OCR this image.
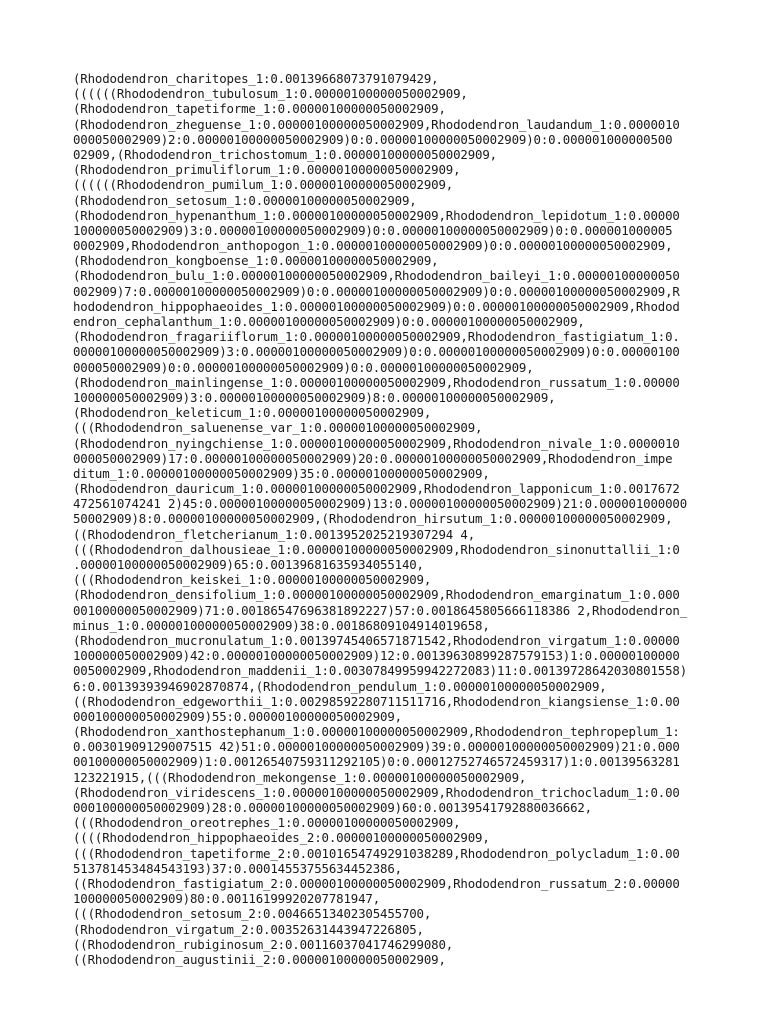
(Rhododendron_charitopes_1:0.00139668073791079429,
((((((Rhododendron_tubulosum_1:0.00000100000050002909,
(Rhododendron_tapetiforme_1:0.00000100000050002909,
(Rhododendron_zheguense_1:0.00000100000050002909,Rhododendron_laudandum_1:0.0000010
000050002909)2:0.00000100000050002909)0:0.00000100000050002909)0:0.000001000000500
02909,(Rhododendron_trichostomum_1:0.00000100000050002909,
(Rhododendron_primuliflorum_1:0.00000100000050002909,
((((((Rhododendron_pumilum_1:0.00000100000050002909,
(Rhododendron_setosum_1:0.00000100000050002909,
(Rhododendron_hypenanthum_1:0.00000100000050002909,Rhododendron_lepidotum_1:0.00000
100000050002909)3:0.00000100000050002909)0:0.00000100000050002909)0:0.000001000005
0002909,Rhododendron_anthopogon_1:0.00000100000050002909)0:0.00000100000050002909,
(Rhododendron_kongboense_1:0.00000100000050002909,
(Rhododendron_bulu_1:0.00000100000050002909,Rhododendron_baileyi_1:0.00000100000050
002909)7:0.00000100000050002909)0:0.00000100000050002909)0:0.00000100000050002909,R
hododendron_hippophaeoides_1:0.00000100000050002909)0:0.00000100000050002909,Rhodod
endron_cephalanthum_1:0.00000100000050002909)0:0.00000100000050002909,
(Rhododendron_fragariiflorum_1:0.00000100000050002909,Rhododendron_fastigiatum_1:0.
00000100000050002909)3:0.00000100000050002909)0:0.00000100000050002909)0:0.00000100
000050002909)0:0.00000100000050002909)0:0.00000100000050002909,
(Rhododendron_mainlingense_1:0.00000100000050002909,Rhododendron_russatum_1:0.00000
100000050002909)3:0.00000100000050002909)8:0.00000100000050002909,
(Rhododendron_keleticum_1:0.00000100000050002909,
(((Rhododendron_saluenense_var_1:0.00000100000050002909,
(Rhododendron_nyingchiense_1:0.00000100000050002909,Rhododendron_nivale_1:0.0000010
000050002909)17:0.00000100000050002909)20:0.00000100000050002909,Rhododendron_impe
ditum_1:0.00000100000050002909)35:0.00000100000050002909,
(Rhododendron_dauricum_1:0.00000100000050002909,Rhododendron_lapponicum_1:0.0017672
472561074241 2)45:0.00000100000050002909)13:0.00000100000050002909)21:0.000001000000
50002909)8:0.00000100000050002909,(Rhododendron_hirsutum_1:0.00000100000050002909,
((Rhododendron_fletcherianum_1:0.0013952025219307294 4,
(((Rhododendron_dalhousieae_1:0.00000100000050002909,Rhododendron_sinonuttallii_1:0
.00000100000050002909)65:0.00139681635934055140,
(((Rhododendron_keiskei_1:0.00000100000050002909,
(Rhododendron_densifolium_1:0.00000100000050002909,Rhododendron_emarginatum_1:0.000
00100000050002909)71:0.00186547696381892227)57:0.0018645805666118386 2,Rhododendron_
minus_1:0.00000100000050002909)38:0.00186809104914019658,
(Rhododendron_mucronulatum_1:0.00139745406571871542,Rhododendron_virgatum_1:0.00000
100000050002909)42:0.00000100000050002909)12:0.00139630899287579153)1:0.00000100000
0050002909,Rhododendron_maddenii_1:0.00307849959942272083)11:0.00139728642030801558)
6:0.00139393946902870874,(Rhododendron_pendulum_1:0.00000100000050002909,
((Rhododendron_edgeworthii_1:0.00298592280711511716,Rhododendron_kiangsiense_1:0.00
000100000050002909)55:0.00000100000050002909,
(Rhododendron_xanthostephanum_1:0.00000100000050002909,Rhododendron_tephropeplum_1:
0.00301909129007515 42)51:0.00000100000050002909)39:0.00000100000050002909)21:0.000
00100000050002909)1:0.00126540759311292105)0:0.00012752746572459317)1:0.00139563281
123221915,(((Rhododendron_mekongense_1:0.00000100000050002909,
(Rhododendron_viridescens_1:0.00000100000050002909,Rhododendron_trichocladum_1:0.00
000100000050002909)28:0.00000100000050002909)60:0.00139541792880036662,
(((Rhododendron_oreotrephes_1:0.00000100000050002909,
((((Rhododendron_hippophaeoides_2:0.00000100000050002909,
(((Rhododendron_tapetiforme_2:0.00101654749291038289,Rhododendron_polycladum_1:0.00
513781453484543193)37:0.00014553755634452386,
((Rhododendron_fastigiatum_2:0.00000100000050002909,Rhododendron_russatum_2:0.00000
100000050002909)80:0.00116199920207781947,
(((Rhododendron_setosum_2:0.00466513402305455700,
(Rhododendron_virgatum_2:0.00352631443947226805,
((Rhododendron_rubiginosum_2:0.00116037041746299080,
((Rhododendron_augustinii_2:0.00000100000050002909,
